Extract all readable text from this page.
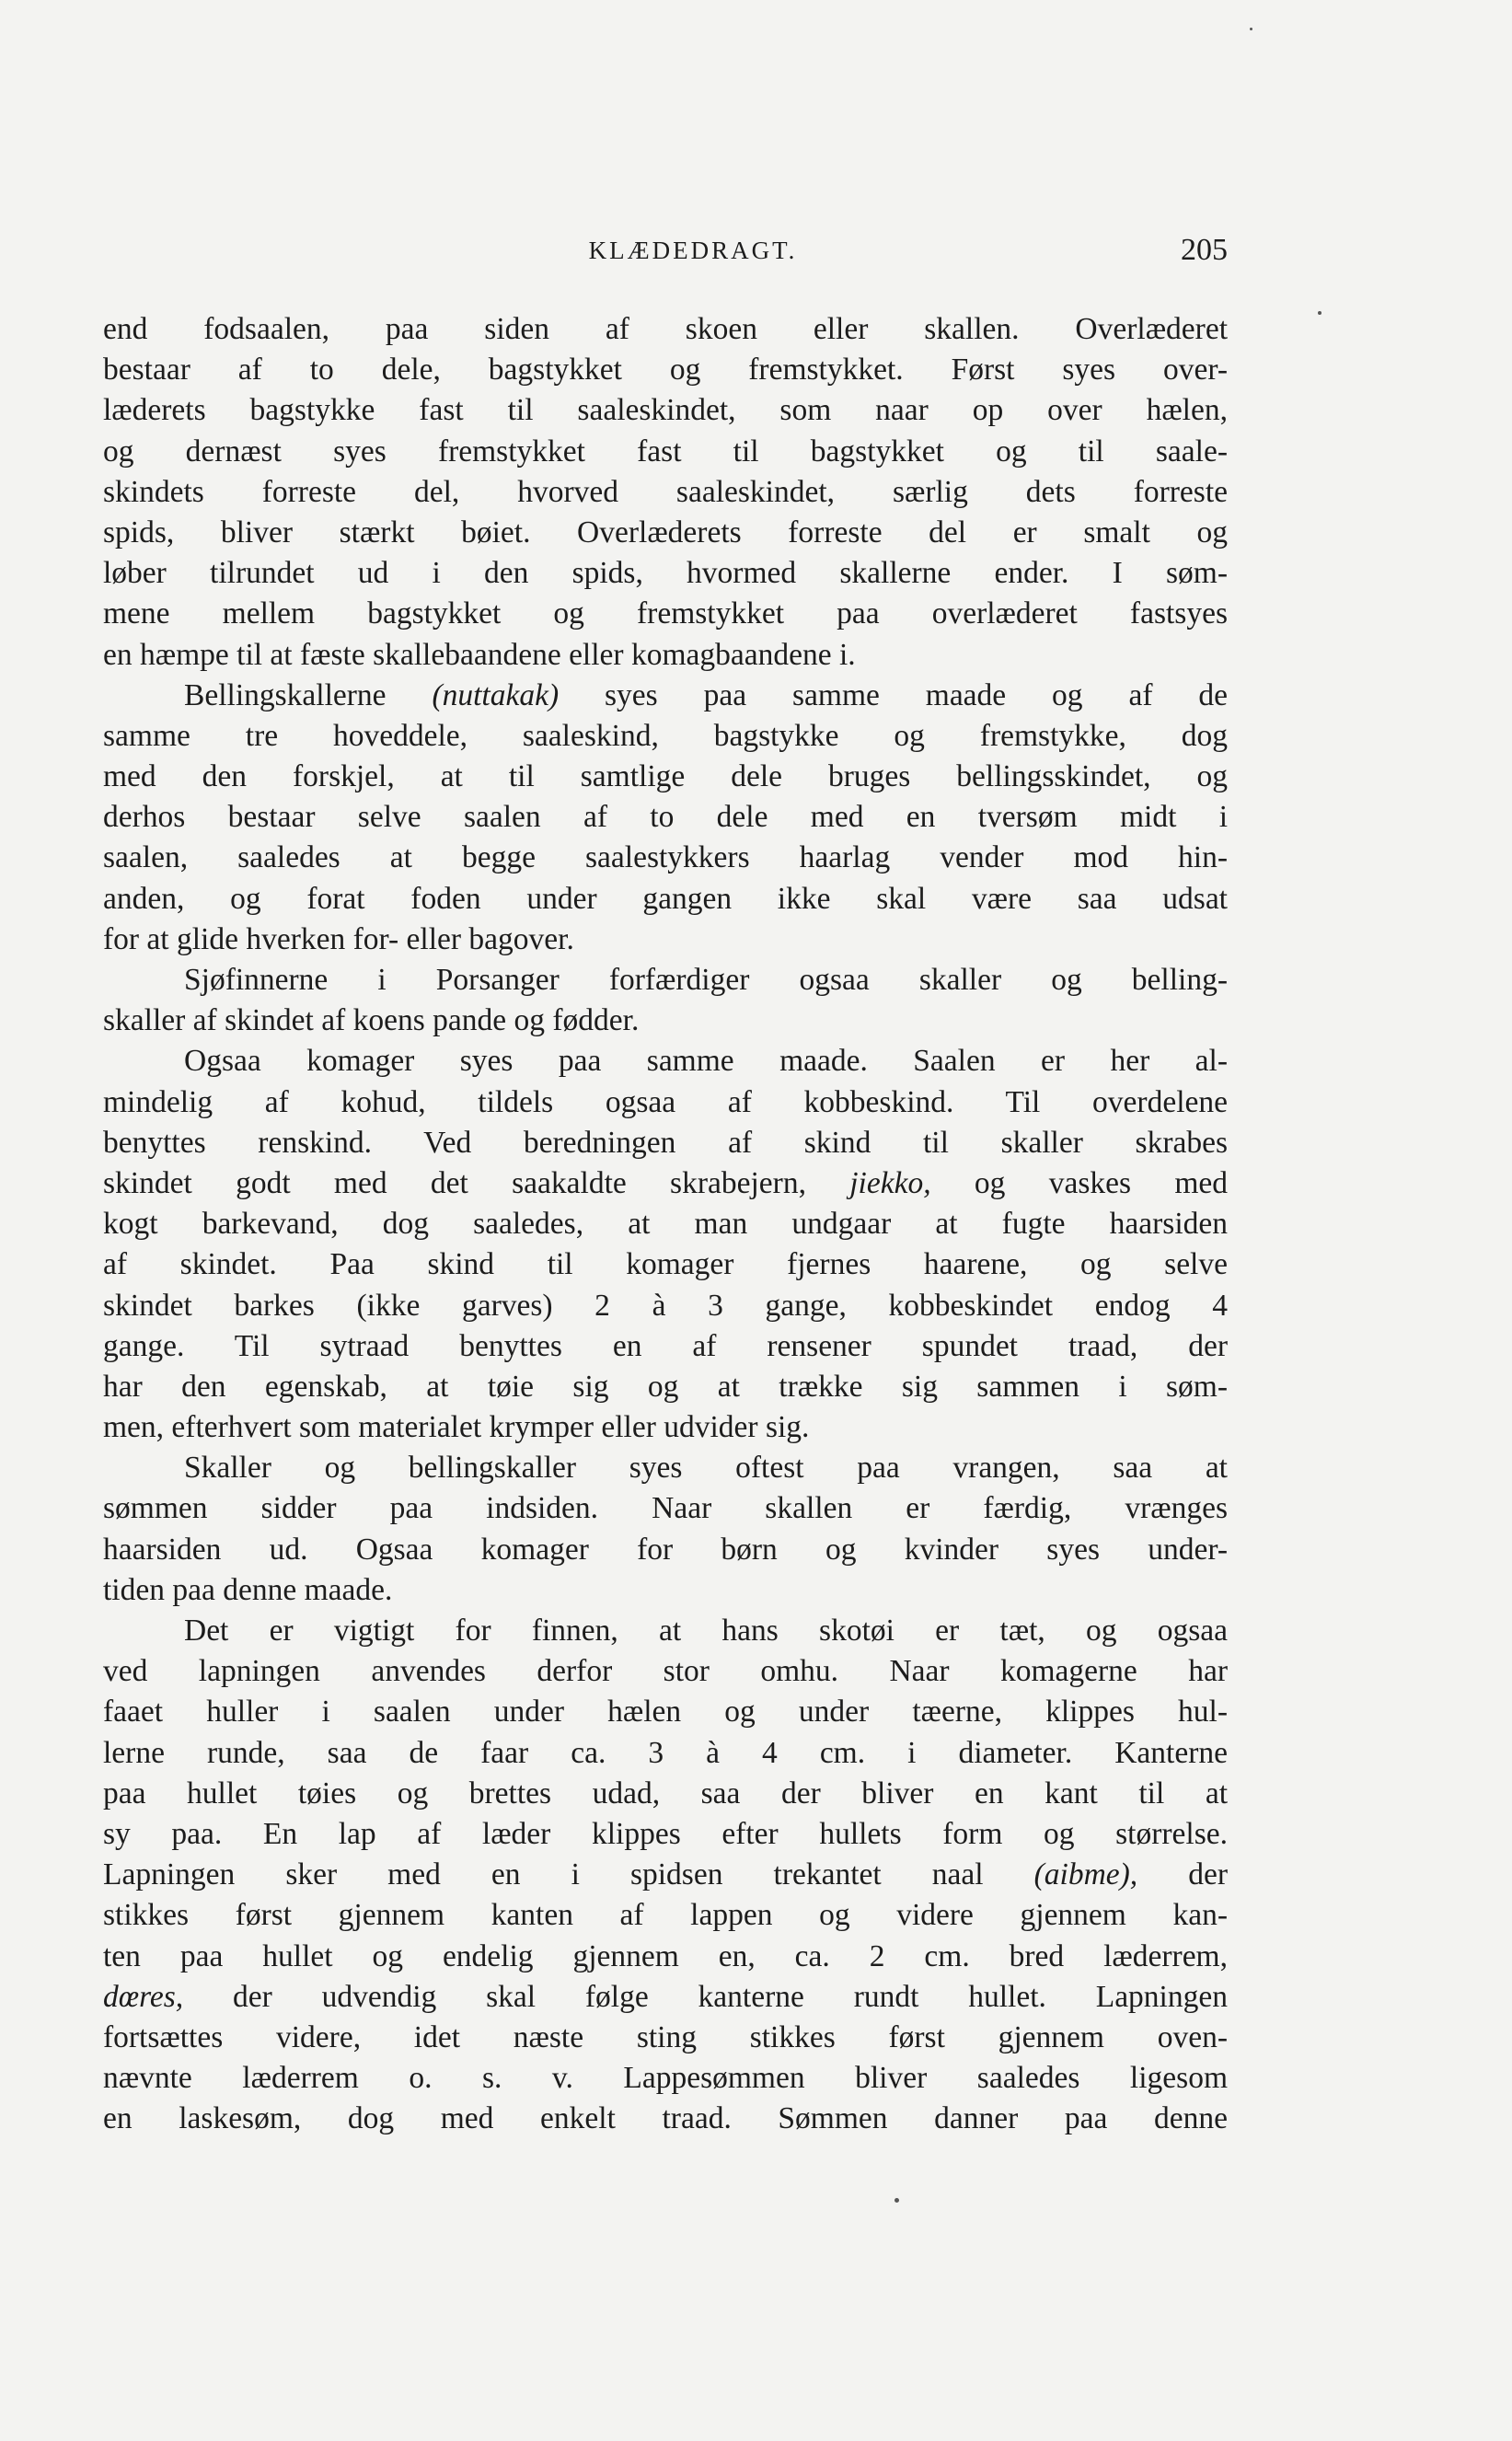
KLÆDEDRAGT.	205
end fodsaalen, paa siden af skoen eller skallen. Overlæderet
bestaar af to dele, bagstykket og fremstykket. Først syes over-
læderets bagstykke fast til saaleskindet, som naar op over hælen,
og dernæst syes fremstykket fast til bagstykket og til saale-
skindets forreste del, hvorved saaleskindet, særlig dets forreste
spids, bliver stærkt bøiet. Overlæderets forreste del er smalt og
løber tilrundet ud i den spids, hvormed skallerne ender. I søm-
mene mellem bagstykket og fremstykket paa overlæderet fastsyes
en hæmpe til at fæste skallebaandene eller komagbaandene i.
Bellingskallerne (nuttakak) syes paa samme maade og af de
samme tre hoveddele, saaleskind, bagstykke og fremstykke, dog
med den forskjel, at til samtlige dele bruges bellingsskindet, og
derhos bestaar selve saalen af to dele med en tversøm midt i
saalen, saaledes at begge saalestykkers haarlag vender mod hin-
anden, og forat foden under gangen ikke skal være saa udsat
for at glide hverken for- eller bagover.
Sjøfinnerne i Porsanger forfærdiger ogsaa skaller og belling-
skaller af skindet af koens pande og fødder.
Ogsaa komager syes paa samme maade. Saalen er her al-
mindelig af kohud, tildels ogsaa af kobbeskind. Til overdelene
benyttes renskind. Ved beredningen af skind til skaller skrabes
skindet godt med det saakaldte skrabejern, jiekko, og vaskes med
kogt barkevand, dog saaledes, at man undgaar at fugte haarsiden
af skindet. Paa skind til komager fjernes haarene, og selve
skindet barkes (ikke garves) 2 à 3 gange, kobbeskindet endog 4
gange. Til sytraad benyttes en af rensener spundet traad, der
har den egenskab, at tøie sig og at trække sig sammen i søm-
men, efterhvert som materialet krymper eller udvider sig.
Skaller og bellingskaller syes oftest paa vrangen, saa at
sømmen sidder paa indsiden. Naar skallen er færdig, vrænges
haarsiden ud. Ogsaa komager for børn og kvinder syes under-
tiden paa denne maade.
Det er vigtigt for finnen, at hans skotøi er tæt, og ogsaa
ved lapningen anvendes derfor stor omhu. Naar komagerne har
faaet huller i saalen under hælen og under tæerne, klippes hul-
lerne runde, saa de faar ca. 3 à 4 cm. i diameter. Kanterne
paa hullet tøies og brettes udad, saa der bliver en kant til at
sy paa. En lap af læder klippes efter hullets form og størrelse.
Lapningen sker med en i spidsen trekantet naal (aibme), der
stikkes først gjennem kanten af lappen og videre gjennem kan-
ten paa hullet og endelig gjennem en, ca. 2 cm. bred læderrem,
dœres, der udvendig skal følge kanterne rundt hullet. Lapningen
fortsættes videre, idet næste sting stikkes først gjennem oven-
nævnte læderrem o. s. v. Lappesømmen bliver saaledes ligesom
en laskesøm, dog med enkelt traad. Sømmen danner paa denne
